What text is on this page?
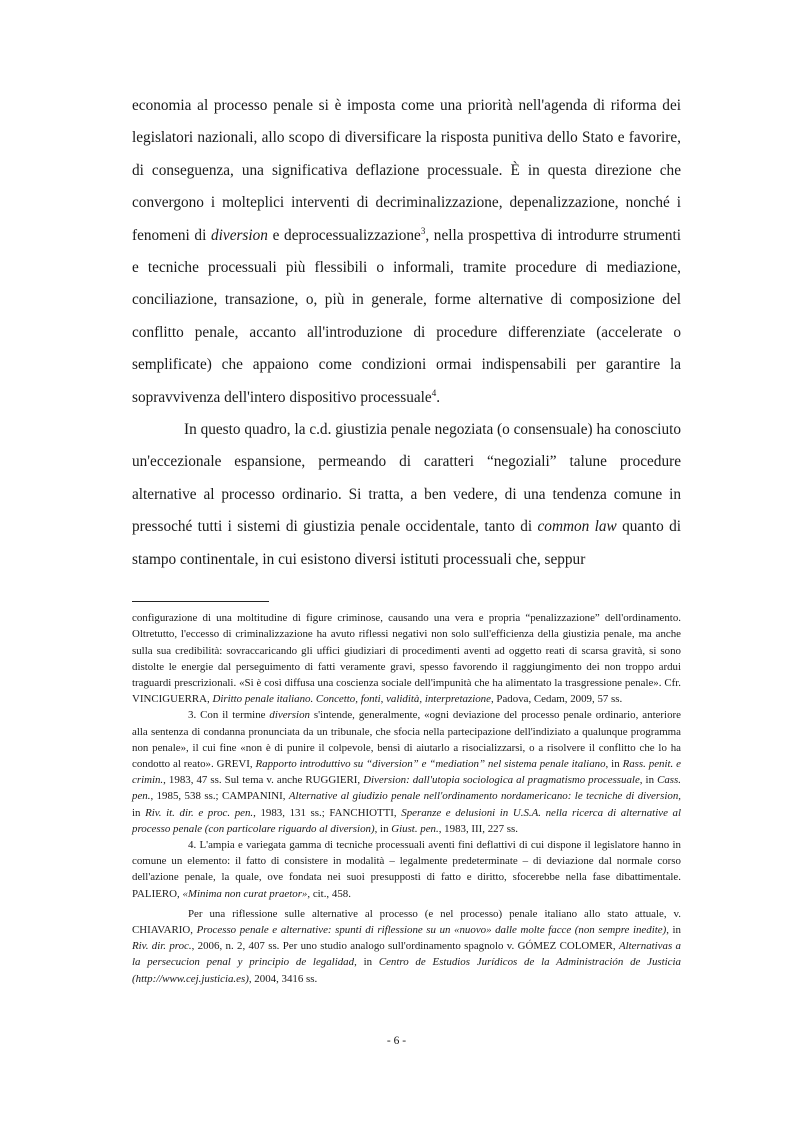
economia al processo penale si è imposta come una priorità nell'agenda di riforma dei legislatori nazionali, allo scopo di diversificare la risposta punitiva dello Stato e favorire, di conseguenza, una significativa deflazione processuale. È in questa direzione che convergono i molteplici interventi di decriminalizzazione, depenalizzazione, nonché i fenomeni di diversion e deprocessualizzazione$^3$, nella prospettiva di introdurre strumenti e tecniche processuali più flessibili o informali, tramite procedure di mediazione, conciliazione, transazione, o, più in generale, forme alternative di composizione del conflitto penale, accanto all'introduzione di procedure differenziate (accelerate o semplificate) che appaiono come condizioni ormai indispensabili per garantire la sopravvivenza dell'intero dispositivo processuale$^4$.

In questo quadro, la c.d. giustizia penale negoziata (o consensuale) ha conosciuto un'eccezionale espansione, permeando di caratteri “negoziali” talune procedure alternative al processo ordinario. Si tratta, a ben vedere, di una tendenza comune in pressoché tutti i sistemi di giustizia penale occidentale, tanto di common law quanto di stampo continentale, in cui esistono diversi istituti processuali che, seppur

configurazione di una moltitudine di figure criminose, causando una vera e propria “penalizzazione” dell'ordinamento. Oltretutto, l'eccesso di criminalizzazione ha avuto riflessi negativi non solo sull'efficienza della giustizia penale, ma anche sulla sua credibilità: sovraccaricando gli uffici giudiziari di procedimenti aventi ad oggetto reati di scarsa gravità, si sono distolte le energie dal perseguimento di fatti veramente gravi, spesso favorendo il raggiungimento dei non troppo ardui traguardi prescrizionali. «Si è così diffusa una coscienza sociale dell'impunità che ha alimentato la trasgressione penale». Cfr. VINCIGUERRA, Diritto penale italiano. Concetto, fonti, validità, interpretazione, Padova, Cedam, 2009, 57 ss.

3. Con il termine diversion s'intende, generalmente, «ogni deviazione del processo penale ordinario, anteriore alla sentenza di condanna pronunciata da un tribunale, che sfocia nella partecipazione dell'indiziato a qualunque programma non penale», il cui fine «non è di punire il colpevole, bensì di aiutarlo a risocializzarsi, o a risolvere il conflitto che lo ha condotto al reato». GREVI, Rapporto introduttivo su “diversion” e “mediation” nel sistema penale italiano, in Rass. penit. e crimin., 1983, 47 ss. Sul tema v. anche RUGGIERI, Diversion: dall'utopia sociologica al pragmatismo processuale, in Cass. pen., 1985, 538 ss.; CAMPANINI, Alternative al giudizio penale nell'ordinamento nordamericano: le tecniche di diversion, in Riv. it. dir. e proc. pen., 1983, 131 ss.; FANCHIOTTI, Speranze e delusioni in U.S.A. nella ricerca di alternative al processo penale (con particolare riguardo al diversion), in Giust. pen., 1983, III, 227 ss.

4. L'ampia e variegata gamma di tecniche processuali aventi fini deflattivi di cui dispone il legislatore hanno in comune un elemento: il fatto di consistere in modalità – legalmente predeterminate – di deviazione dal normale corso dell'azione penale, la quale, ove fondata nei suoi presupposti di fatto e diritto, sfocerebbe nella fase dibattimentale. PALIERO, «Minima non curat praetor», cit., 458.

Per una riflessione sulle alternative al processo (e nel processo) penale italiano allo stato attuale, v. CHIAVARIO, Processo penale e alternative: spunti di riflessione su un «nuovo» dalle molte facce (non sempre inedite), in Riv. dir. proc., 2006, n. 2, 407 ss. Per uno studio analogo sull'ordinamento spagnolo v. GÓMEZ COLOMER, Alternativas a la persecucion penal y principio de legalidad, in Centro de Estudios Jurídicos de la Administración de Justicia (http://www.cej.justicia.es), 2004, 3416 ss.

- 6 -
